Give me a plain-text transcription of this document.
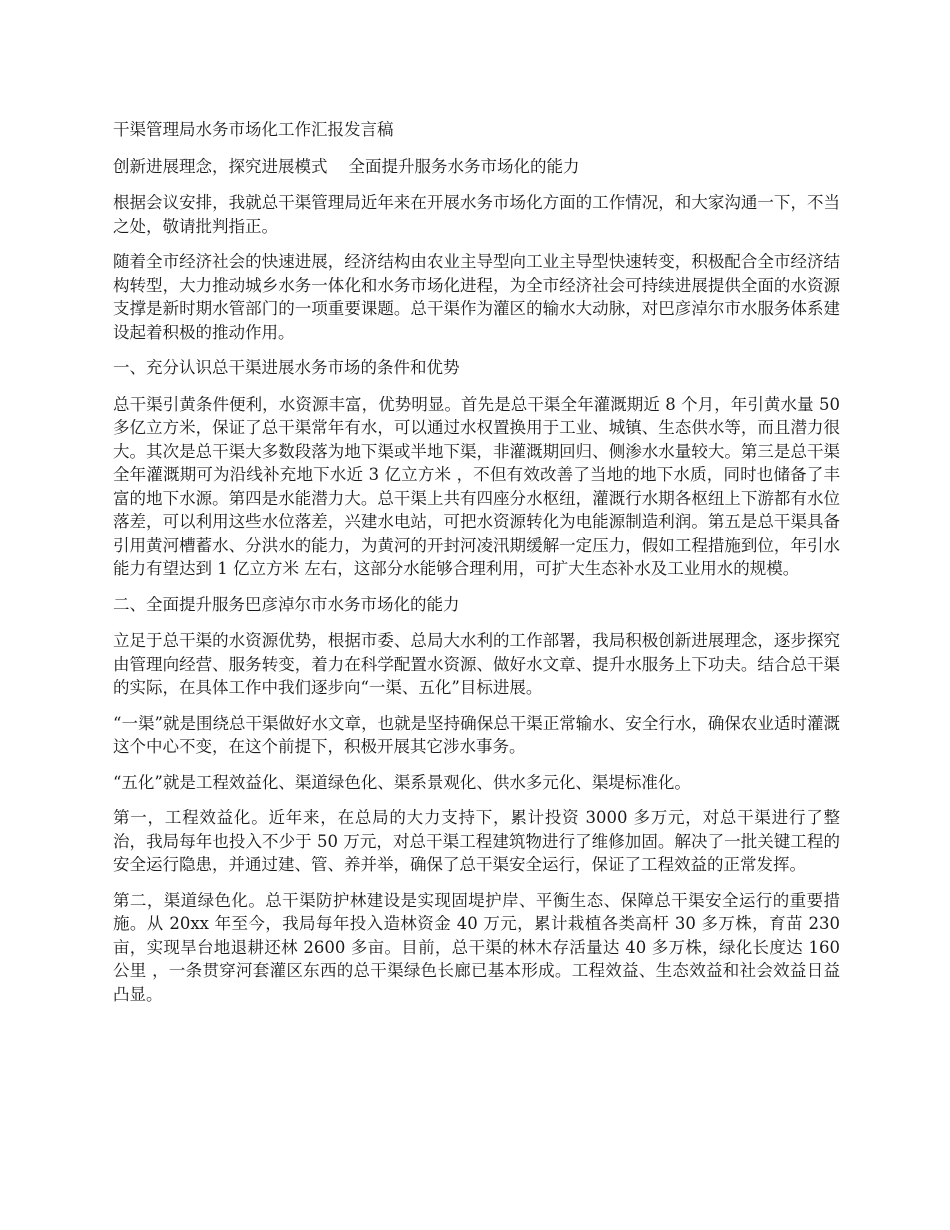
干渠管理局水务市场化工作汇报发言稿

创新进展理念，探究进展模式    全面提升服务水务市场化的能力

根据会议安排，我就总干渠管理局近年来在开展水务市场化方面的工作情况，和大家沟通一下，不当之处，敬请批判指正。

随着全市经济社会的快速进展，经济结构由农业主导型向工业主导型快速转变，积极配合全市经济结构转型，大力推动城乡水务一体化和水务市场化进程，为全市经济社会可持续进展提供全面的水资源支撑是新时期水管部门的一项重要课题。总干渠作为灌区的输水大动脉，对巴彦淖尔市水服务体系建设起着积极的推动作用。

一、充分认识总干渠进展水务市场的条件和优势

总干渠引黄条件便利，水资源丰富，优势明显。首先是总干渠全年灌溉期近 8 个月，年引黄水量 50 多亿立方米，保证了总干渠常年有水，可以通过水权置换用于工业、城镇、生态供水等，而且潜力很大。其次是总干渠大多数段落为地下渠或半地下渠，非灌溉期回归、侧渗水水量较大。第三是总干渠全年灌溉期可为沿线补充地下水近 3 亿立方米 ，不但有效改善了当地的地下水质，同时也储备了丰富的地下水源。第四是水能潜力大。总干渠上共有四座分水枢纽，灌溉行水期各枢纽上下游都有水位落差，可以利用这些水位落差，兴建水电站，可把水资源转化为电能源制造利润。第五是总干渠具备引用黄河槽蓄水、分洪水的能力，为黄河的开封河凌汛期缓解一定压力，假如工程措施到位，年引水能力有望达到 1 亿立方米 左右，这部分水能够合理利用，可扩大生态补水及工业用水的规模。

二、全面提升服务巴彦淖尔市水务市场化的能力

立足于总干渠的水资源优势，根据市委、总局大水利的工作部署，我局积极创新进展理念，逐步探究由管理向经营、服务转变，着力在科学配置水资源、做好水文章、提升水服务上下功夫。结合总干渠的实际，在具体工作中我们逐步向“一渠、五化”目标进展。

“一渠”就是围绕总干渠做好水文章，也就是坚持确保总干渠正常输水、安全行水，确保农业适时灌溉这个中心不变，在这个前提下，积极开展其它涉水事务。

“五化”就是工程效益化、渠道绿色化、渠系景观化、供水多元化、渠堤标准化。

第一，工程效益化。近年来，在总局的大力支持下，累计投资 3000 多万元，对总干渠进行了整治，我局每年也投入不少于 50 万元，对总干渠工程建筑物进行了维修加固。解决了一批关键工程的安全运行隐患，并通过建、管、养并举，确保了总干渠安全运行，保证了工程效益的正常发挥。

第二，渠道绿色化。总干渠防护林建设是实现固堤护岸、平衡生态、保障总干渠安全运行的重要措施。从 20xx 年至今，我局每年投入造林资金 40 万元，累计栽植各类高杆 30 多万株，育苗 230 亩，实现旱台地退耕还林 2600 多亩。目前，总干渠的林木存活量达 40 多万株，绿化长度达 160 公里 ，一条贯穿河套灌区东西的总干渠绿色长廊已基本形成。工程效益、生态效益和社会效益日益凸显。
